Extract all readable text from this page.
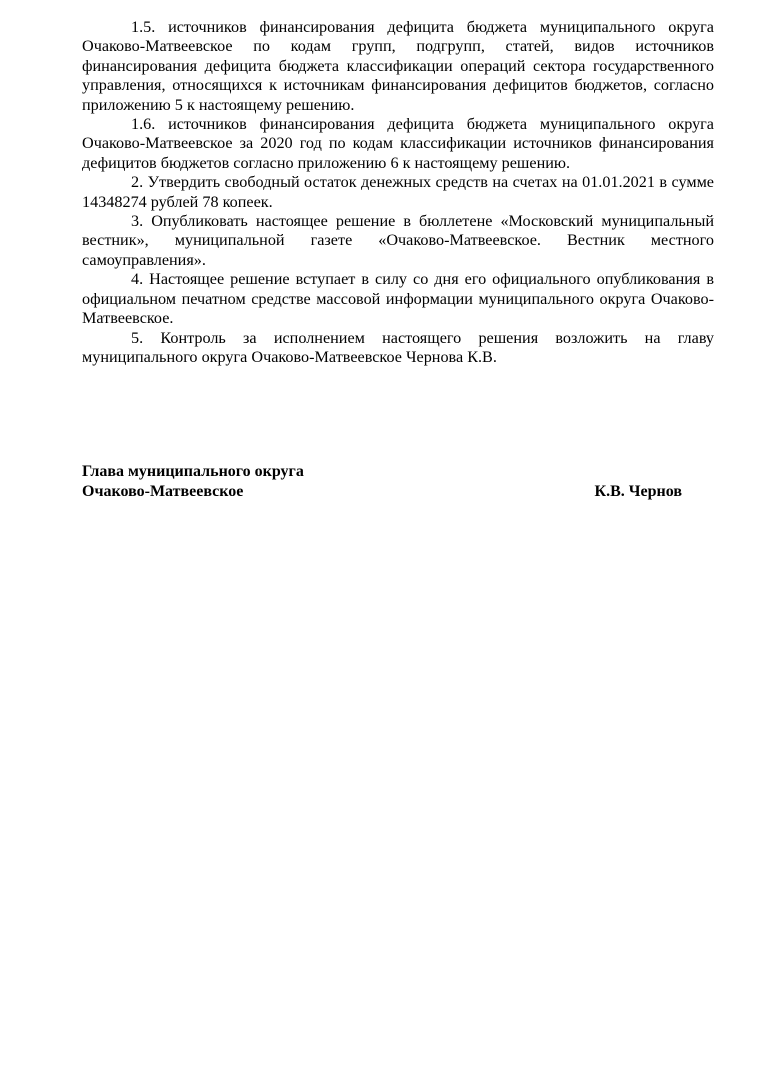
1.5. источников финансирования дефицита бюджета муниципального округа Очаково-Матвеевское по кодам групп, подгрупп, статей, видов источников финансирования дефицита бюджета классификации операций сектора государственного управления, относящихся к источникам финансирования дефицитов бюджетов, согласно приложению 5 к настоящему решению.

1.6. источников финансирования дефицита бюджета муниципального округа Очаково-Матвеевское за 2020 год по кодам классификации источников финансирования дефицитов бюджетов согласно приложению 6 к настоящему решению.

2. Утвердить свободный остаток денежных средств на счетах на 01.01.2021 в сумме 14348274 рублей 78 копеек.

3. Опубликовать настоящее решение в бюллетене «Московский муниципальный вестник», муниципальной газете «Очаково-Матвеевское. Вестник местного самоуправления».

4. Настоящее решение вступает в силу со дня его официального опубликования в официальном печатном средстве массовой информации муниципального округа Очаково-Матвеевское.

5. Контроль за исполнением настоящего решения возложить на главу муниципального округа Очаково-Матвеевское Чернова К.В.

Глава муниципального округа

Очаково-Матвеевское	К.В. Чернов
